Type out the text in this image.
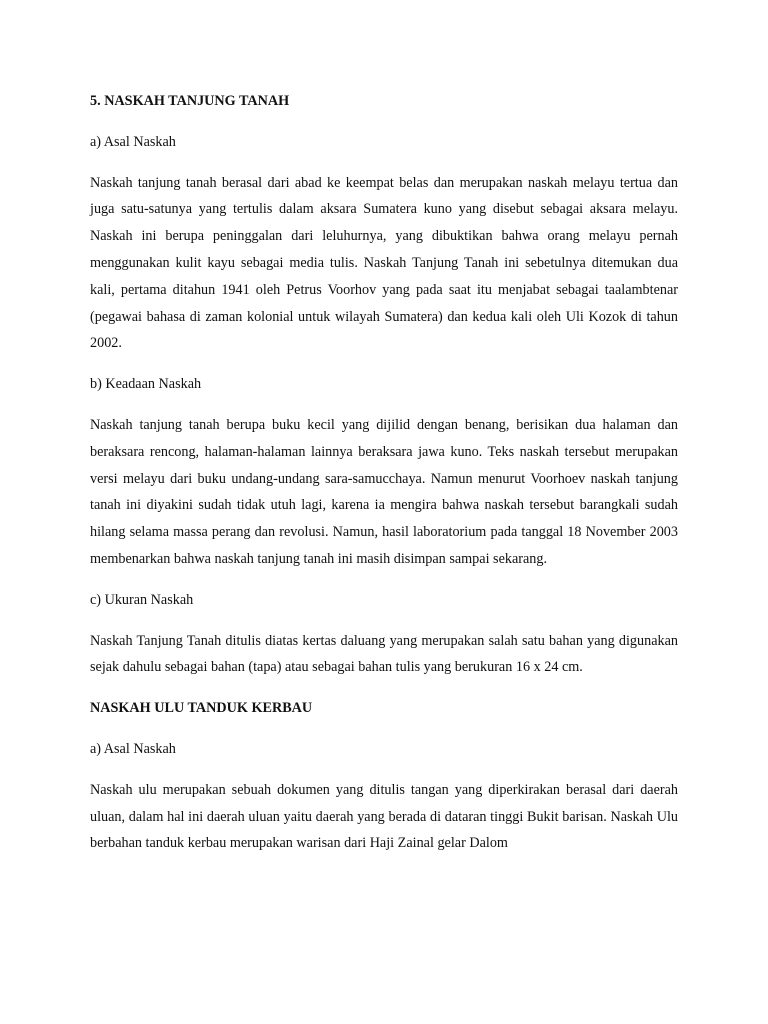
5. NASKAH TANJUNG TANAH
a) Asal Naskah

Naskah tanjung tanah berasal dari abad ke keempat belas dan merupakan naskah melayu tertua dan juga satu-satunya yang tertulis dalam aksara Sumatera kuno yang disebut sebagai aksara melayu. Naskah ini berupa peninggalan dari leluhurnya, yang dibuktikan bahwa orang melayu pernah menggunakan kulit kayu sebagai media tulis. Naskah Tanjung Tanah ini sebetulnya ditemukan dua kali, pertama ditahun 1941 oleh Petrus Voorhov yang pada saat itu menjabat sebagai taalambtenar (pegawai bahasa di zaman kolonial untuk wilayah Sumatera) dan kedua kali oleh Uli Kozok di tahun 2002.

b) Keadaan Naskah

Naskah tanjung tanah berupa buku kecil yang dijilid dengan benang, berisikan dua halaman dan beraksara rencong, halaman-halaman lainnya beraksara jawa kuno. Teks naskah tersebut merupakan versi melayu dari buku undang-undang sara-samucchaya. Namun menurut Voorhoev naskah tanjung tanah ini diyakini sudah tidak utuh lagi, karena ia mengira bahwa naskah tersebut barangkali sudah hilang selama massa perang dan revolusi. Namun, hasil laboratorium pada tanggal 18 November 2003 membenarkan bahwa naskah tanjung tanah ini masih disimpan sampai sekarang.

c) Ukuran Naskah

Naskah Tanjung Tanah ditulis diatas kertas daluang yang merupakan salah satu bahan yang digunakan sejak dahulu sebagai bahan (tapa) atau sebagai bahan tulis yang berukuran 16 x 24 cm.

NASKAH ULU TANDUK KERBAU
a) Asal Naskah

Naskah ulu merupakan sebuah dokumen yang ditulis tangan yang diperkirakan berasal dari daerah uluan, dalam hal ini daerah uluan yaitu daerah yang berada di dataran tinggi Bukit barisan. Naskah Ulu berbahan tanduk kerbau merupakan warisan dari Haji Zainal gelar Dalom
